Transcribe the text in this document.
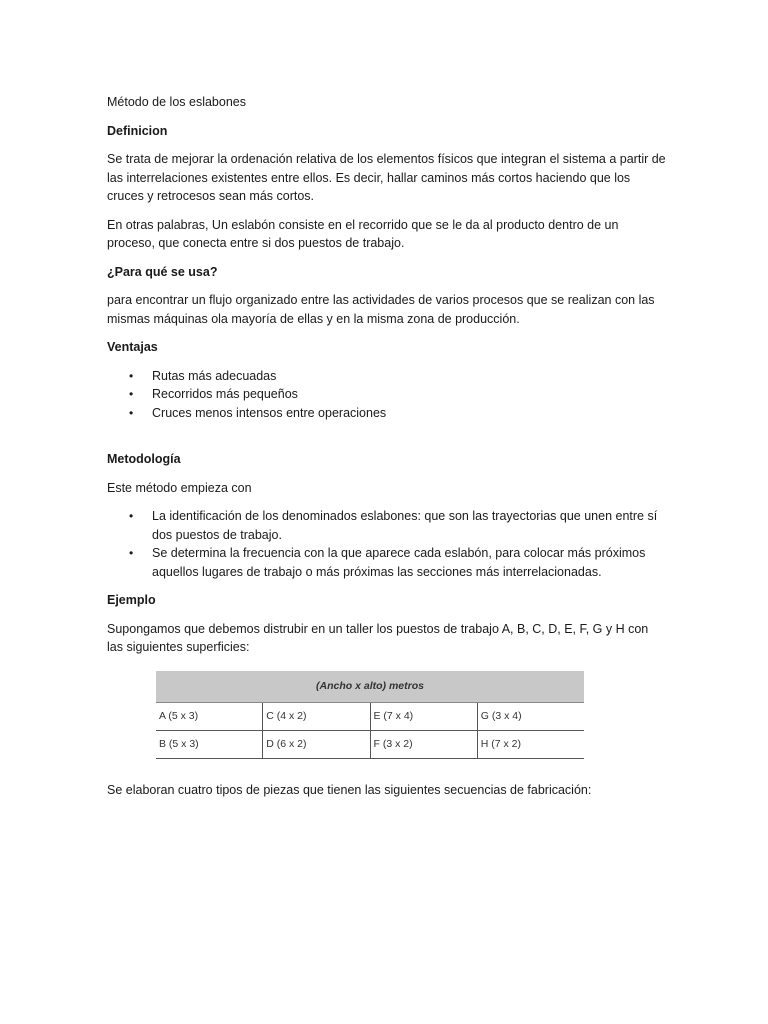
Método de los eslabones

Definicion

Se trata de mejorar la ordenación relativa de los elementos físicos que integran el sistema a partir de las interrelaciones existentes entre ellos. Es decir, hallar caminos más cortos haciendo que los cruces y retrocesos sean más cortos.

En otras palabras, Un eslabón consiste en el recorrido que se le da al producto dentro de un proceso, que conecta entre si dos puestos de trabajo.

¿Para qué se usa?

para encontrar un flujo organizado entre las actividades de varios procesos que se realizan con las mismas máquinas ola mayoría de ellas y en la misma zona de producción.

Ventajas

• Rutas más adecuadas
• Recorridos más pequeños
• Cruces menos intensos entre operaciones

Metodología

Este método empieza con

• La identificación de los denominados eslabones: que son las trayectorias que unen entre sí dos puestos de trabajo.
• Se determina la frecuencia con la que aparece cada eslabón, para colocar más próximos aquellos lugares de trabajo o más próximas las secciones más interrelacionadas.

Ejemplo

Supongamos que debemos distrubir en un taller los puestos de trabajo A, B, C, D, E, F, G y H con las siguientes superficies:

(Ancho x alto) metros			
A (5 x 3)	C (4 x 2)	E (7 x 4)	G (3 x 4)
B (5 x 3)	D (6 x 2)	F (3 x 2)	H (7 x 2)

Se elaboran cuatro tipos de piezas que tienen las siguientes secuencias de fabricación:
